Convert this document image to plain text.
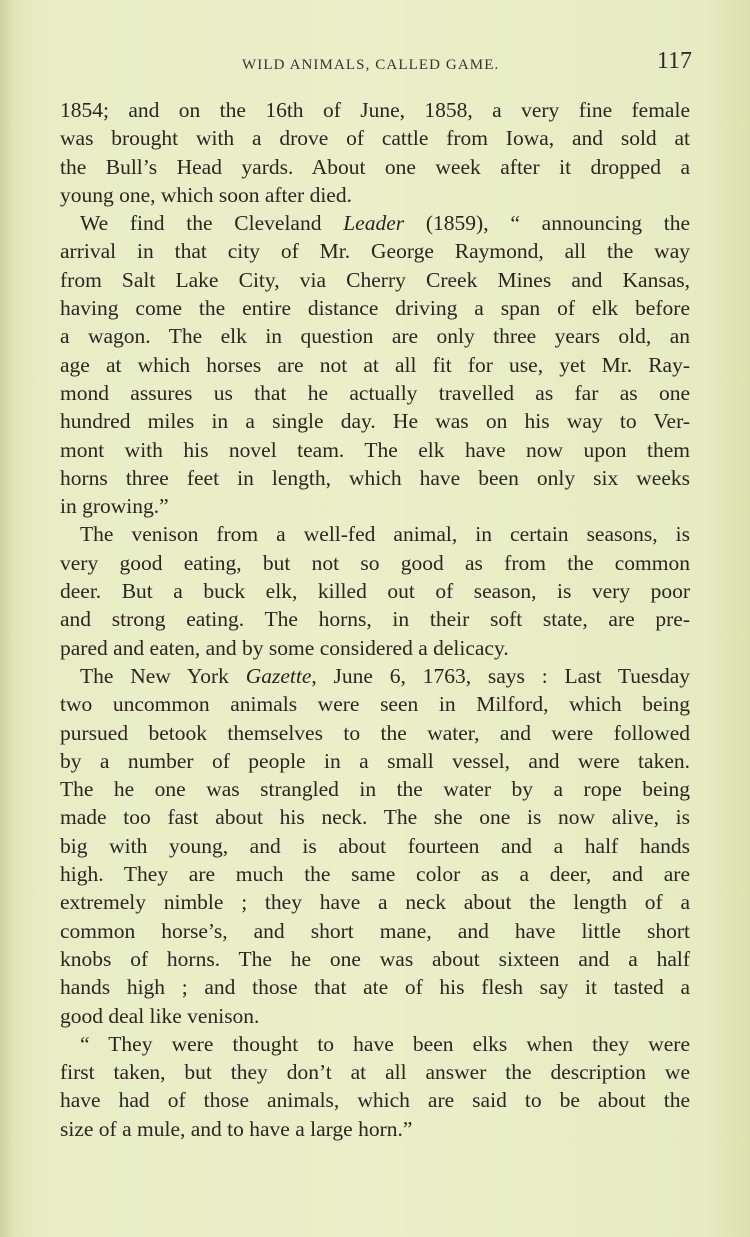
WILD ANIMALS, CALLED GAME.	117
1854; and on the 16th of June, 1858, a very fine female
was brought with a drove of cattle from Iowa, and sold at
the Bull’s Head yards. About one week after it dropped a
young one, which soon after died.
We find the Cleveland Leader (1859), “ announcing the
arrival in that city of Mr. George Raymond, all the way
from Salt Lake City, via Cherry Creek Mines and Kansas,
having come the entire distance driving a span of elk before
a wagon. The elk in question are only three years old, an
age at which horses are not at all fit for use, yet Mr. Ray-
mond assures us that he actually travelled as far as one
hundred miles in a single day. He was on his way to Ver-
mont with his novel team. The elk have now upon them
horns three feet in length, which have been only six weeks
in growing.”
The venison from a well-fed animal, in certain seasons, is
very good eating, but not so good as from the common
deer. But a buck elk, killed out of season, is very poor
and strong eating. The horns, in their soft state, are pre-
pared and eaten, and by some considered a delicacy.
The New York Gazette, June 6, 1763, says : Last Tuesday
two uncommon animals were seen in Milford, which being
pursued betook themselves to the water, and were followed
by a number of people in a small vessel, and were taken.
The he one was strangled in the water by a rope being
made too fast about his neck. The she one is now alive, is
big with young, and is about fourteen and a half hands
high. They are much the same color as a deer, and are
extremely nimble ; they have a neck about the length of a
common horse’s, and short mane, and have little short
knobs of horns. The he one was about sixteen and a half
hands high ; and those that ate of his flesh say it tasted a
good deal like venison.
“ They were thought to have been elks when they were
first taken, but they don’t at all answer the description we
have had of those animals, which are said to be about the
size of a mule, and to have a large horn.”
